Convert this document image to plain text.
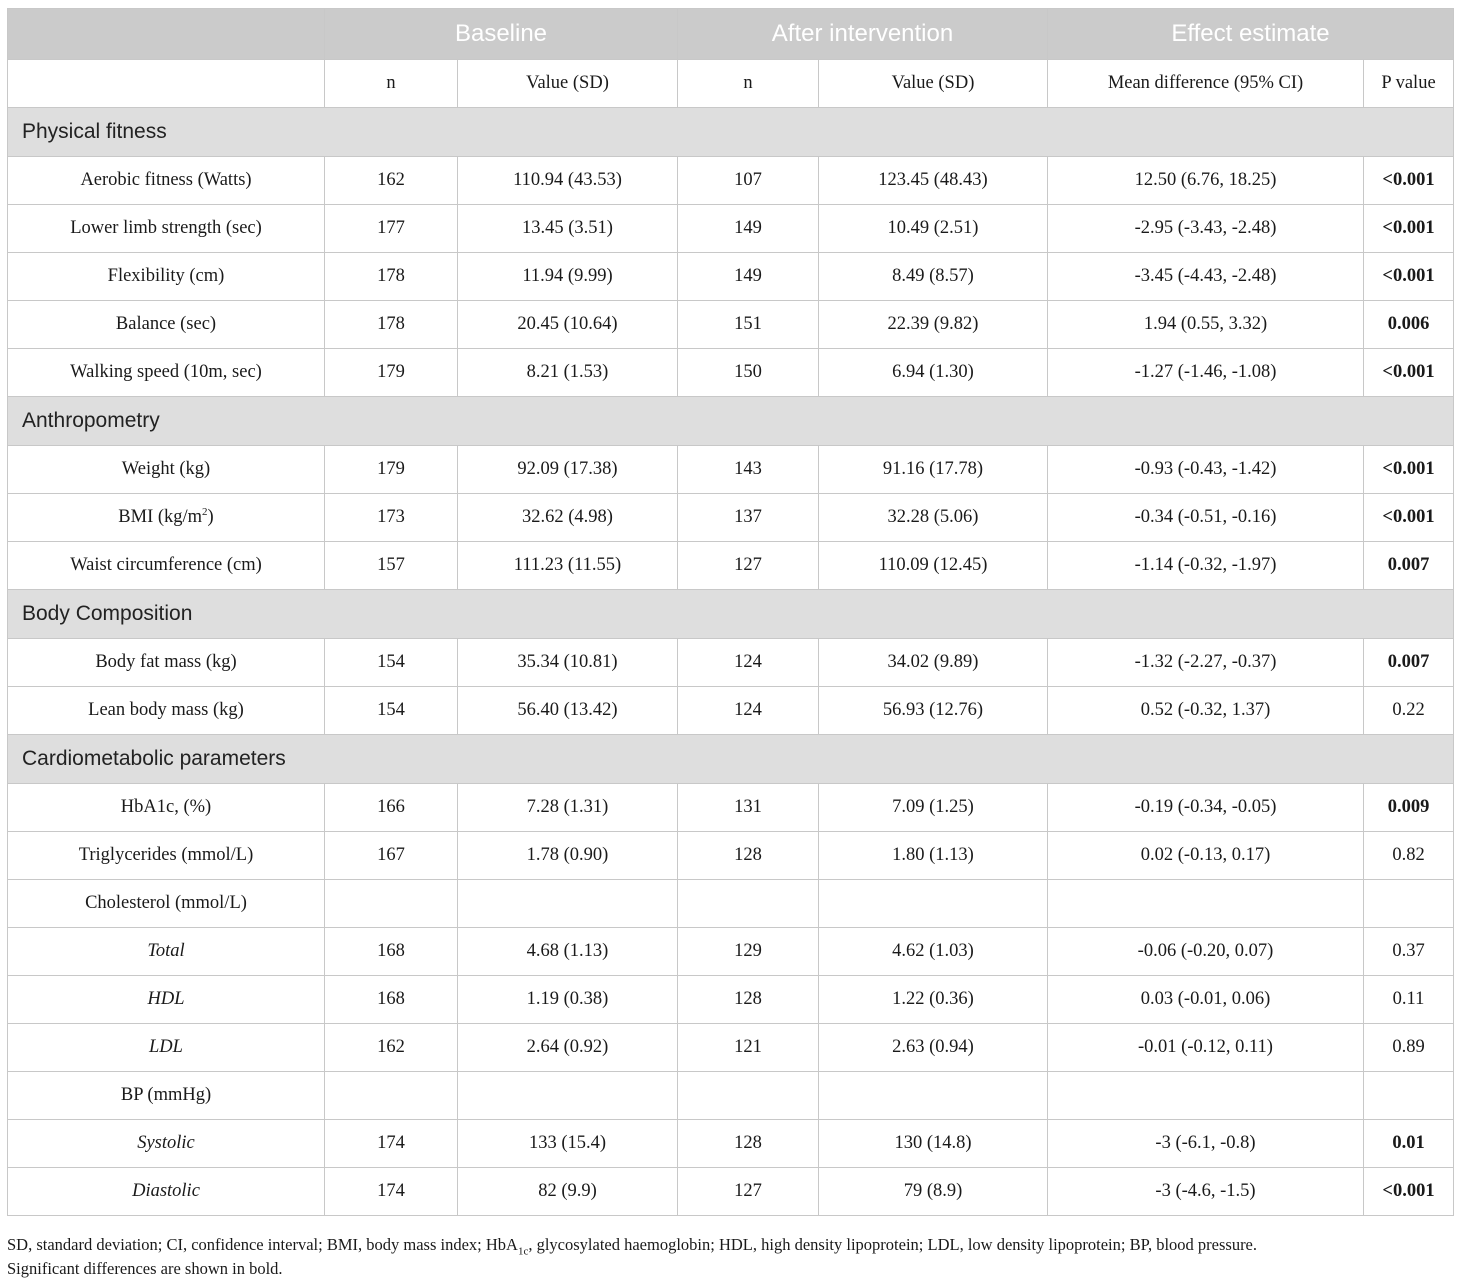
	Baseline		After intervention		Effect estimate	
	n	Value (SD)	n	Value (SD)	Mean difference (95% CI)	P value
Physical fitness						
Aerobic fitness (Watts)	162	110.94 (43.53)	107	123.45 (48.43)	12.50 (6.76, 18.25)	<0.001
Lower limb strength (sec)	177	13.45 (3.51)	149	10.49 (2.51)	-2.95 (-3.43, -2.48)	<0.001
Flexibility (cm)	178	11.94 (9.99)	149	8.49 (8.57)	-3.45 (-4.43, -2.48)	<0.001
Balance (sec)	178	20.45 (10.64)	151	22.39 (9.82)	1.94 (0.55, 3.32)	0.006
Walking speed (10m, sec)	179	8.21 (1.53)	150	6.94 (1.30)	-1.27 (-1.46, -1.08)	<0.001
Anthropometry						
Weight (kg)	179	92.09 (17.38)	143	91.16 (17.78)	-0.93 (-0.43, -1.42)	<0.001
BMI $(kg/m^2)$	173	32.62 (4.98)	137	32.28 (5.06)	-0.34 (-0.51, -0.16)	<0.001
Waist circumference (cm)	157	111.23 (11.55)	127	110.09 (12.45)	-1.14 (-0.32, -1.97)	0.007
Body Composition						
Body fat mass (kg)	154	35.34 (10.81)	124	34.02 (9.89)	-1.32 (-2.27, -0.37)	0.007
Lean body mass (kg)	154	56.40 (13.42)	124	56.93 (12.76)	0.52 (-0.32, 1.37)	0.22
Cardiometabolic parameters						
HbA1c, (%)	166	7.28 (1.31)	131	7.09 (1.25)	-0.19 (-0.34, -0.05)	0.009
Triglycerides (mmol/L)	167	1.78 (0.90)	128	1.80 (1.13)	0.02 (-0.13, 0.17)	0.82
Cholesterol (mmol/L)						
Total	168	4.68 (1.13)	129	4.62 (1.03)	-0.06 (-0.20, 0.07)	0.37
HDL	168	1.19 (0.38)	128	1.22 (0.36)	0.03 (-0.01, 0.06)	0.11
LDL	162	2.64 (0.92)	121	2.63 (0.94)	-0.01 (-0.12, 0.11)	0.89
BP (mmHg)						
Systolic	174	133 (15.4)	128	130 (14.8)	-3 (-6.1, -0.8)	0.01
Diastolic	174	82 (9.9)	127	79 (8.9)	-3 (-4.6, -1.5)	<0.001
SD, standard deviation; CI, confidence interval; BMI, body mass index; HbA$_{1c}$, glycosylated haemoglobin; HDL, high density lipoprotein; LDL, low density lipoprotein; BP, blood pressure.
Significant differences are shown in bold.
